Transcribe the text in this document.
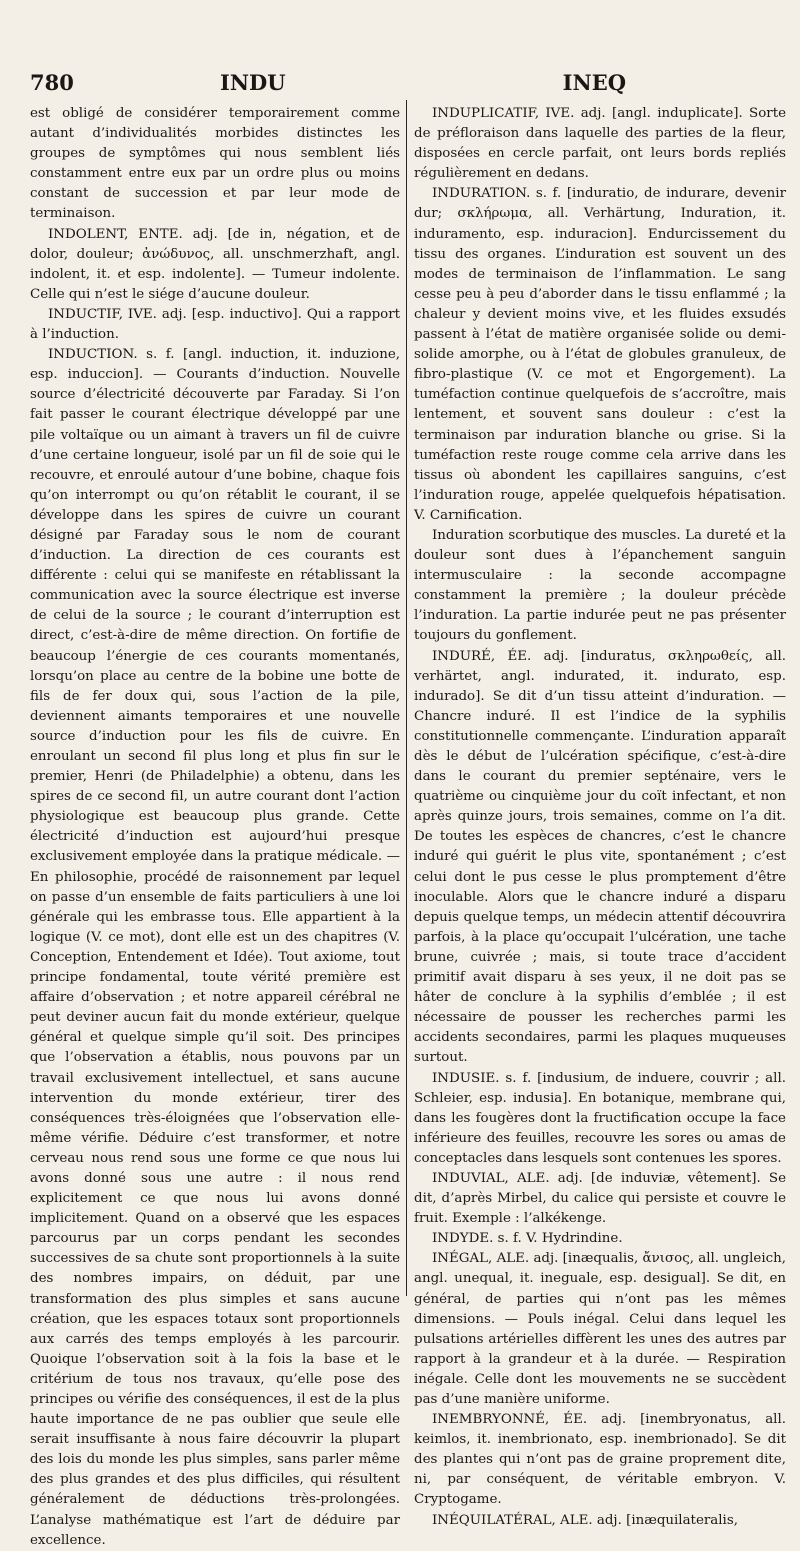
780	INDU	INEQ

est obligé de considérer temporairement comme autant d’individualités morbides distinctes les groupes de symptômes qui nous semblent liés constamment entre eux par un ordre plus ou moins constant de succession et par leur mode de terminaison.

INDOLENT, ENTE. adj. [de in, négation, et de dolor, douleur; ἀνώδυνος, all. unschmerzhaft, angl. indolent, it. et esp. indolente]. — Tumeur indolente. Celle qui n’est le siége d’aucune douleur.

INDUCTIF, IVE. adj. [esp. inductivo]. Qui a rapport à l’induction.

INDUCTION. s. f. [angl. induction, it. induzione, esp. induccion]. — Courants d’induction. Nouvelle source d’électricité découverte par Faraday. Si l’on fait passer le courant électrique développé par une pile voltaïque ou un aimant à travers un fil de cuivre d’une certaine longueur, isolé par un fil de soie qui le recouvre, et enroulé autour d’une bobine, chaque fois qu’on interrompt ou qu’on rétablit le courant, il se développe dans les spires de cuivre un courant désigné par Faraday sous le nom de courant d’induction. La direction de ces courants est différente : celui qui se manifeste en rétablissant la communication avec la source électrique est inverse de celui de la source ; le courant d’interruption est direct, c’est-à-dire de même direction. On fortifie de beaucoup l’énergie de ces courants momentanés, lorsqu’on place au centre de la bobine une botte de fils de fer doux qui, sous l’action de la pile, deviennent aimants temporaires et une nouvelle source d’induction pour les fils de cuivre. En enroulant un second fil plus long et plus fin sur le premier, Henri (de Philadelphie) a obtenu, dans les spires de ce second fil, un autre courant dont l’action physiologique est beaucoup plus grande. Cette électricité d’induction est aujourd’hui presque exclusivement employée dans la pratique médicale. — En philosophie, procédé de raisonnement par lequel on passe d’un ensemble de faits particuliers à une loi générale qui les embrasse tous. Elle appartient à la logique (V. ce mot), dont elle est un des chapitres (V. Conception, Entendement et Idée). Tout axiome, tout principe fondamental, toute vérité première est affaire d’observation ; et notre appareil cérébral ne peut deviner aucun fait du monde extérieur, quelque général et quelque simple qu’il soit. Des principes que l’observation a établis, nous pouvons par un travail exclusivement intellectuel, et sans aucune intervention du monde extérieur, tirer des conséquences très-éloignées que l’observation elle-même vérifie. Déduire c’est transformer, et notre cerveau nous rend sous une forme ce que nous lui avons donné sous une autre : il nous rend explicitement ce que nous lui avons donné implicitement. Quand on a observé que les espaces parcourus par un corps pendant les secondes successives de sa chute sont proportionnels à la suite des nombres impairs, on déduit, par une transformation des plus simples et sans aucune création, que les espaces totaux sont proportionnels aux carrés des temps employés à les parcourir. Quoique l’observation soit à la fois la base et le critérium de tous nos travaux, qu’elle pose des principes ou vérifie des conséquences, il est de la plus haute importance de ne pas oublier que seule elle serait insuffisante à nous faire découvrir la plupart des lois du monde les plus simples, sans parler même des plus grandes et des plus difficiles, qui résultent généralement de déductions très-prolongées. L’analyse mathématique est l’art de déduire par excellence.

INDUPLICATIF, IVE. adj. [angl. induplicate]. Sorte de préfloraison dans laquelle des parties de la fleur, disposées en cercle parfait, ont leurs bords repliés régulièrement en dedans.

INDURATION. s. f. [induratio, de indurare, devenir dur; σκλήρωμα, all. Verhärtung, Induration, it. induramento, esp. induracion]. Endurcissement du tissu des organes. L’induration est souvent un des modes de terminaison de l’inflammation. Le sang cesse peu à peu d’aborder dans le tissu enflammé ; la chaleur y devient moins vive, et les fluides exsudés passent à l’état de matière organisée solide ou demi-solide amorphe, ou à l’état de globules granuleux, de fibro-plastique (V. ce mot et Engorgement). La tuméfaction continue quelquefois de s’accroître, mais lentement, et souvent sans douleur : c’est la terminaison par induration blanche ou grise. Si la tuméfaction reste rouge comme cela arrive dans les tissus où abondent les capillaires sanguins, c’est l’induration rouge, appelée quelquefois hépatisation. V. Carnification.

Induration scorbutique des muscles. La dureté et la douleur sont dues à l’épanchement sanguin intermusculaire : la seconde accompagne constamment la première ; la douleur précède l’induration. La partie indurée peut ne pas présenter toujours du gonflement.

INDURÉ, ÉE. adj. [induratus, σκληρωθείς, all. verhärtet, angl. indurated, it. indurato, esp. indurado]. Se dit d’un tissu atteint d’induration. — Chancre induré. Il est l’indice de la syphilis constitutionnelle commençante. L’induration apparaît dès le début de l’ulcération spécifique, c’est-à-dire dans le courant du premier septénaire, vers le quatrième ou cinquième jour du coït infectant, et non après quinze jours, trois semaines, comme on l’a dit. De toutes les espèces de chancres, c’est le chancre induré qui guérit le plus vite, spontanément ; c’est celui dont le pus cesse le plus promptement d’être inoculable. Alors que le chancre induré a disparu depuis quelque temps, un médecin attentif découvrira parfois, à la place qu’occupait l’ulcération, une tache brune, cuivrée ; mais, si toute trace d’accident primitif avait disparu à ses yeux, il ne doit pas se hâter de conclure à la syphilis d’emblée ; il est nécessaire de pousser les recherches parmi les accidents secondaires, parmi les plaques muqueuses surtout.

INDUSIE. s. f. [indusium, de induere, couvrir ; all. Schleier, esp. indusia]. En botanique, membrane qui, dans les fougères dont la fructification occupe la face inférieure des feuilles, recouvre les sores ou amas de conceptacles dans lesquels sont contenues les spores.

INDUVIAL, ALE. adj. [de induviæ, vêtement]. Se dit, d’après Mirbel, du calice qui persiste et couvre le fruit. Exemple : l’alkékenge.

INDYDE. s. f. V. Hydrindine.

INÉGAL, ALE. adj. [inæqualis, ἄνισος, all. ungleich, angl. unequal, it. ineguale, esp. desigual]. Se dit, en général, de parties qui n’ont pas les mêmes dimensions. — Pouls inégal. Celui dans lequel les pulsations artérielles diffèrent les unes des autres par rapport à la grandeur et à la durée. — Respiration inégale. Celle dont les mouvements ne se succèdent pas d’une manière uniforme.

INEMBRYONNÉ, ÉE. adj. [inembryonatus, all. keimlos, it. inembrionato, esp. inembrionado]. Se dit des plantes qui n’ont pas de graine proprement dite, ni, par conséquent, de véritable embryon. V. Cryptogame.

INÉQUILATÉRAL, ALE. adj. [inæquilateralis,
